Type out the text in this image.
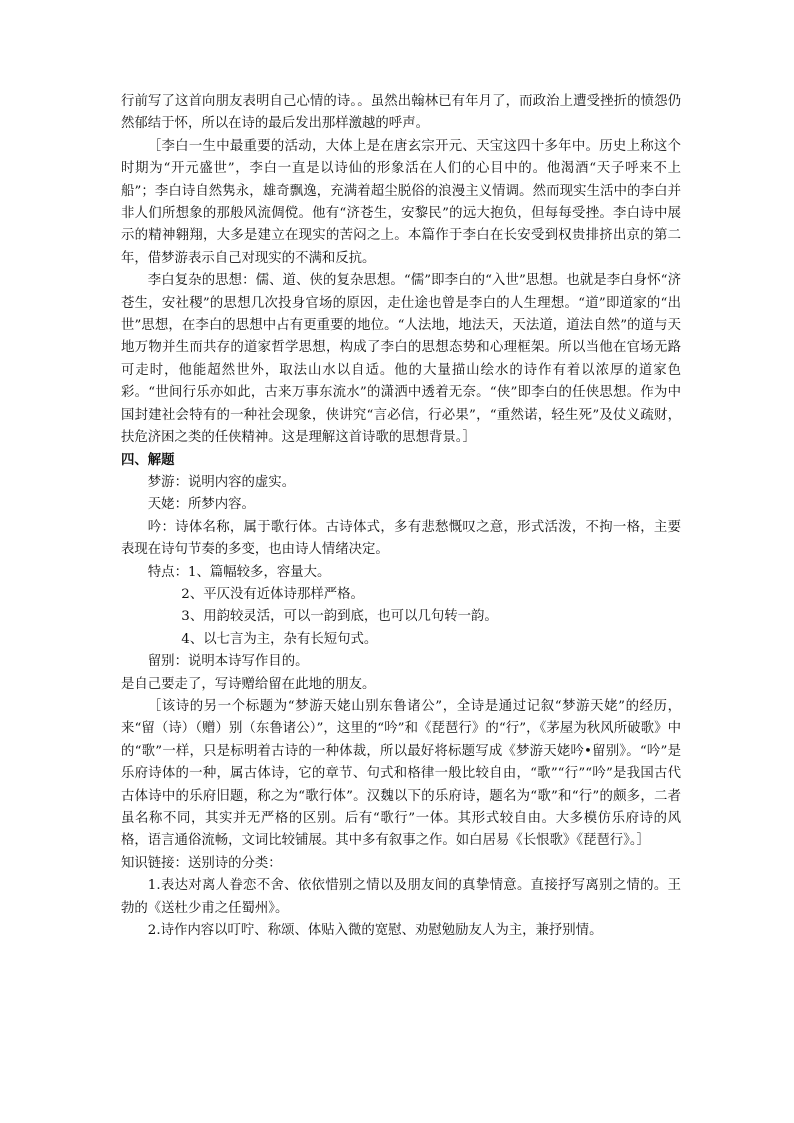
行前写了这首向朋友表明自己心情的诗。。虽然出翰林已有年月了，而政治上遭受挫折的愤怨仍然郁结于怀，所以在诗的最后发出那样激越的呼声。

［李白一生中最重要的活动，大体上是在唐玄宗开元、天宝这四十多年中。历史上称这个时期为“开元盛世”，李白一直是以诗仙的形象活在人们的心目中的。他渴酒“天子呼来不上船”；李白诗自然隽永，雄奇飘逸，充满着超尘脱俗的浪漫主义情调。然而现实生活中的李白并非人们所想象的那般风流倜傥。他有“济苍生，安黎民”的远大抱负，但每每受挫。李白诗中展示的精神翱翔，大多是建立在现实的苦闷之上。本篇作于李白在长安受到权贵排挤出京的第二年，借梦游表示自己对现实的不满和反抗。

李白复杂的思想：儒、道、侠的复杂思想。“儒”即李白的“入世”思想。也就是李白身怀“济苍生，安社稷”的思想几次投身官场的原因，走仕途也曾是李白的人生理想。“道”即道家的“出世”思想，在李白的思想中占有更重要的地位。“人法地，地法天，天法道，道法自然”的道与天地万物并生而共存的道家哲学思想，构成了李白的思想态势和心理框架。所以当他在官场无路可走时，他能超然世外，取法山水以自适。他的大量描山绘水的诗作有着以浓厚的道家色彩。“世间行乐亦如此，古来万事东流水”的潇洒中透着无奈。“侠”即李白的任侠思想。作为中国封建社会特有的一种社会现象，侠讲究“言必信，行必果”，“重然诺，轻生死”及仗义疏财，扶危济困之类的任侠精神。这是理解这首诗歌的思想背景。］

四、解题

梦游：说明内容的虚实。

天姥：所梦内容。

吟：诗体名称，属于歌行体。古诗体式，多有悲愁慨叹之意，形式活泼，不拘一格，主要表现在诗句节奏的多变，也由诗人情绪决定。

特点：1、篇幅较多，容量大。

2、平仄没有近体诗那样严格。

3、用韵较灵活，可以一韵到底，也可以几句转一韵。

4、以七言为主，杂有长短句式。

留别：说明本诗写作目的。

是自己要走了，写诗赠给留在此地的朋友。

［该诗的另一个标题为“梦游天姥山别东鲁诸公”，全诗是通过记叙“梦游天姥”的经历，来“留（诗）（赠）别（东鲁诸公）”，这里的“吟”和《琵琶行》的“行”，《茅屋为秋风所破歌》中的“歌”一样，只是标明着古诗的一种体裁，所以最好将标题写成《梦游天姥吟•留别》。“吟”是乐府诗体的一种，属古体诗，它的章节、句式和格律一般比较自由，“歌”“行”“吟”是我国古代古体诗中的乐府旧题，称之为“歌行体”。汉魏以下的乐府诗，题名为“歌”和“行”的颇多，二者虽名称不同，其实并无严格的区别。后有“歌行”一体。其形式较自由。大多模仿乐府诗的风格，语言通俗流畅，文词比较铺展。其中多有叙事之作。如白居易《长恨歌》《琵琶行》。］

知识链接：送别诗的分类：

1.表达对离人眷恋不舍、依依惜别之情以及朋友间的真挚情意。直接抒写离别之情的。王勃的《送杜少甫之任蜀州》。

2.诗作内容以叮咛、称颂、体贴入微的宽慰、劝慰勉励友人为主，兼抒别情。
